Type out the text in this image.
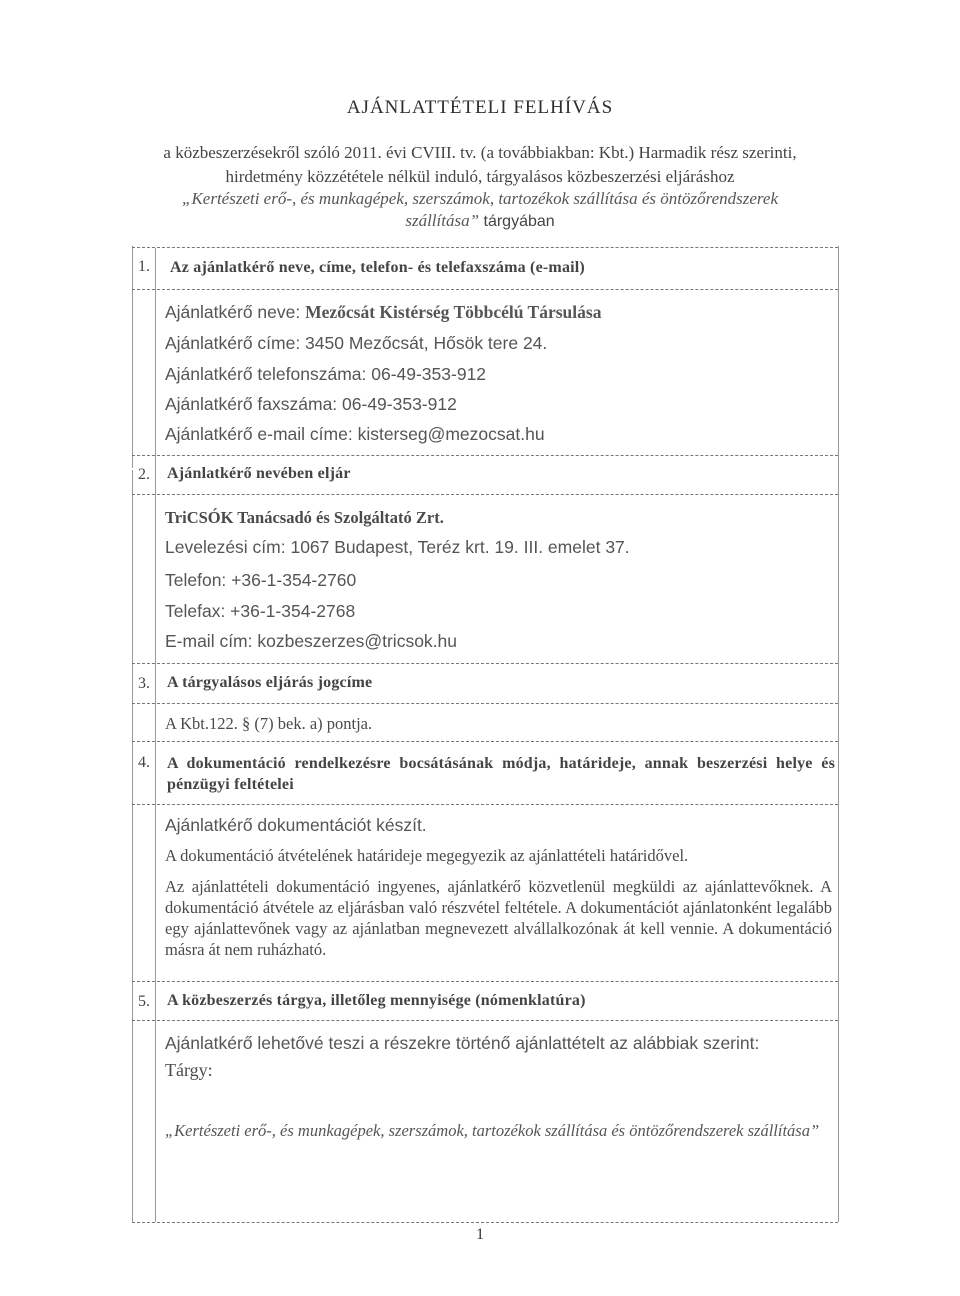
AJÁNLATTÉTELI FELHÍVÁS
a közbeszerzésekről szóló 2011. évi CVIII. tv. (a továbbiakban: Kbt.) Harmadik rész szerinti,
hirdetmény közzététele nélkül induló, tárgyalásos közbeszerzési eljáráshoz
„Kertészeti erő-, és munkagépek, szerszámok, tartozékok szállítása és öntözőrendszerek
szállítása” tárgyában
1. Az ajánlatkérő neve, címe, telefon- és telefaxszáma (e-mail)
Ajánlatkérő neve: Mezőcsát Kistérség Többcélú Társulása
Ajánlatkérő címe: 3450 Mezőcsát, Hősök tere 24.
Ajánlatkérő telefonszáma: 06-49-353-912
Ajánlatkérő faxszáma: 06-49-353-912
Ajánlatkérő e-mail címe: kisterseg@mezocsat.hu
2. Ajánlatkérő nevében eljár
TriCSÓK Tanácsadó és Szolgáltató Zrt.
Levelezési cím: 1067 Budapest, Teréz krt. 19. III. emelet 37.
Telefon: +36-1-354-2760
Telefax: +36-1-354-2768
E-mail cím: kozbeszerzes@tricsok.hu
3. A tárgyalásos eljárás jogcíme
A Kbt.122. § (7) bek. a) pontja.
4. A dokumentáció rendelkezésre bocsátásának módja, határideje, annak beszerzési helye és pénzügyi feltételei
Ajánlatkérő dokumentációt készít.
A dokumentáció átvételének határideje megegyezik az ajánlattételi határidővel.
Az ajánlattételi dokumentáció ingyenes, ajánlatkérő közvetlenül megküldi az ajánlattevőknek. A dokumentáció átvétele az eljárásban való részvétel feltétele. A dokumentációt ajánlatonként legalább egy ajánlattevőnek vagy az ajánlatban megnevezett alvállalkozónak át kell vennie. A dokumentáció másra át nem ruházható.
5. A közbeszerzés tárgya, illetőleg mennyisége (nómenklatúra)
Ajánlatkérő lehetővé teszi a részekre történő ajánlattételt az alábbiak szerint:
Tárgy:
„Kertészeti erő-, és munkagépek, szerszámok, tartozékok szállítása és öntözőrendszerek szállítása”
1
